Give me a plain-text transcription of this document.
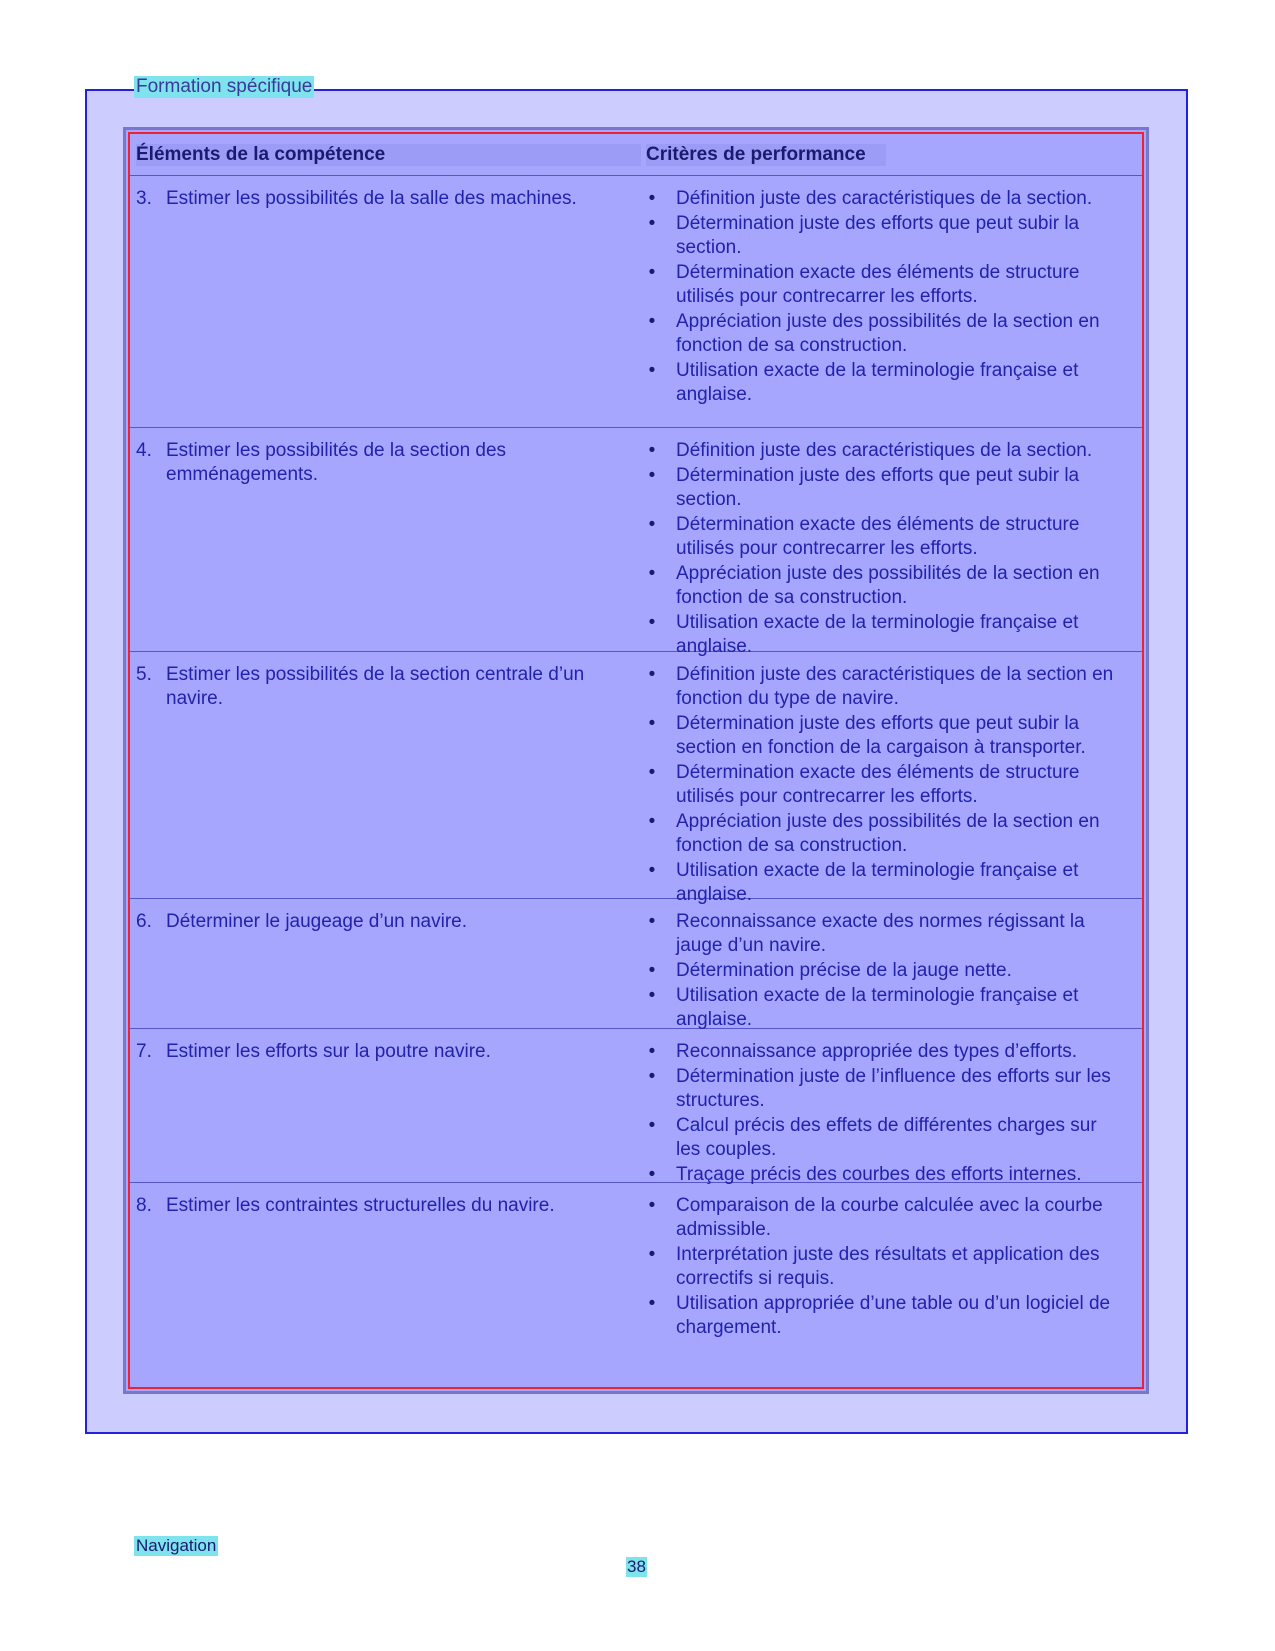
Formation spécifique
Éléments de la compétence	Critères de performance
3. Estimer les possibilités de la salle des machines.	• Définition juste des caractéristiques de la section.
• Détermination juste des efforts que peut subir la section.
• Détermination exacte des éléments de structure utilisés pour contrecarrer les efforts.
• Appréciation juste des possibilités de la section en fonction de sa construction.
• Utilisation exacte de la terminologie française et anglaise.
4. Estimer les possibilités de la section des emménagements.
• Définition juste des caractéristiques de la section.
• Détermination juste des efforts que peut subir la section.
• Détermination exacte des éléments de structure utilisés pour contrecarrer les efforts.
• Appréciation juste des possibilités de la section en fonction de sa construction.
• Utilisation exacte de la terminologie française et anglaise.
5. Estimer les possibilités de la section centrale d’un navire.
• Définition juste des caractéristiques de la section en fonction du type de navire.
• Détermination juste des efforts que peut subir la section en fonction de la cargaison à transporter.
• Détermination exacte des éléments de structure utilisés pour contrecarrer les efforts.
• Appréciation juste des possibilités de la section en fonction de sa construction.
• Utilisation exacte de la terminologie française et anglaise.
6. Déterminer le jaugeage d’un navire.	• Reconnaissance exacte des normes régissant la jauge d’un navire.
• Détermination précise de la jauge nette.
• Utilisation exacte de la terminologie française et anglaise.
7. Estimer les efforts sur la poutre navire.	• Reconnaissance appropriée des types d’efforts.
• Détermination juste de l’influence des efforts sur les structures.
• Calcul précis des effets de différentes charges sur les couples.
• Traçage précis des courbes des efforts internes.
8. Estimer les contraintes structurelles du navire.	• Comparaison de la courbe calculée avec la courbe admissible.
• Interprétation juste des résultats et application des correctifs si requis.
• Utilisation appropriée d’une table ou d’un logiciel de chargement.
Navigation
38
